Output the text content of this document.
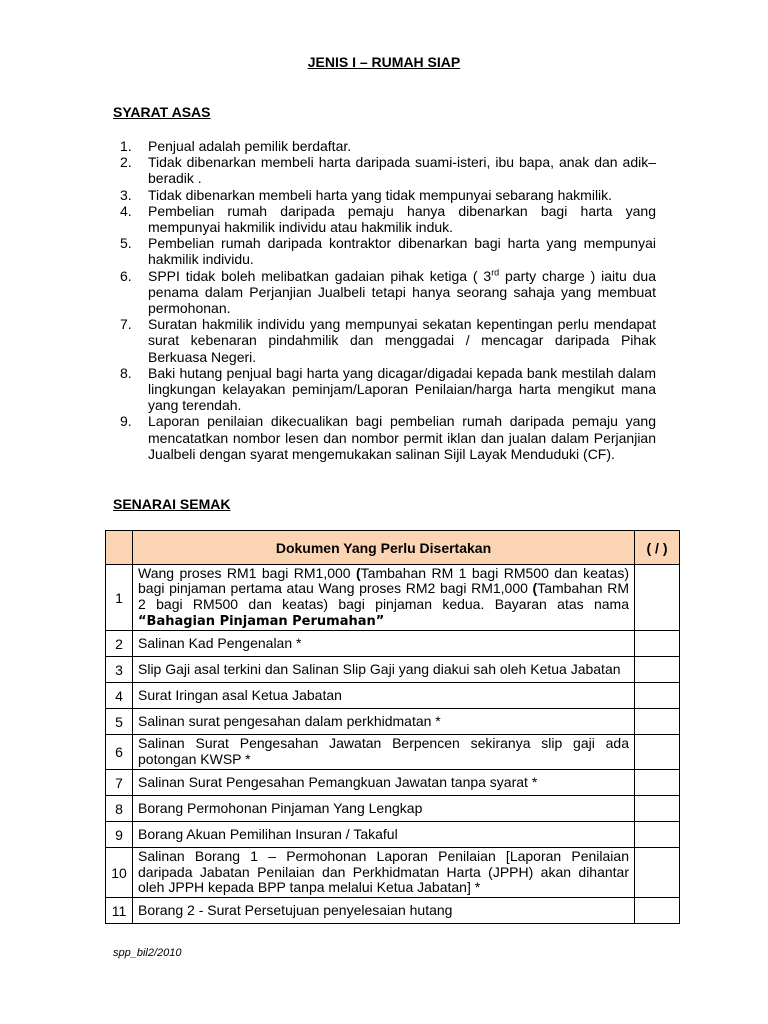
JENIS I – RUMAH SIAP
SYARAT ASAS
1. Penjual adalah pemilik berdaftar.
2. Tidak dibenarkan membeli harta daripada suami-isteri, ibu bapa, anak dan adik–beradik .
3. Tidak dibenarkan membeli harta yang tidak mempunyai sebarang hakmilik.
4. Pembelian rumah daripada pemaju hanya dibenarkan bagi harta yang mempunyai hakmilik individu atau hakmilik induk.
5. Pembelian rumah daripada kontraktor dibenarkan bagi harta yang mempunyai hakmilik individu.
6. SPPI tidak boleh melibatkan gadaian pihak ketiga ( 3rd party charge ) iaitu dua penama dalam Perjanjian Jualbeli tetapi hanya seorang sahaja yang membuat permohonan.
7. Suratan hakmilik individu yang mempunyai sekatan kepentingan perlu mendapat surat kebenaran pindahmilik dan menggadai / mencagar daripada Pihak Berkuasa Negeri.
8. Baki hutang penjual bagi harta yang dicagar/digadai kepada bank mestilah dalam lingkungan kelayakan peminjam/Laporan Penilaian/harga harta mengikut mana yang terendah.
9. Laporan penilaian dikecualikan bagi pembelian rumah daripada pemaju yang mencatatkan nombor lesen dan nombor permit iklan dan jualan dalam Perjanjian Jualbeli dengan syarat mengemukakan salinan Sijil Layak Menduduki (CF).
SENARAI SEMAK
	Dokumen Yang Perlu Disertakan	( / )
1	Wang proses RM1 bagi RM1,000 (Tambahan RM 1 bagi RM500 dan keatas) bagi pinjaman pertama atau Wang proses RM2 bagi RM1,000 (Tambahan RM 2 bagi RM500 dan keatas) bagi pinjaman kedua. Bayaran atas nama “Bahagian Pinjaman Perumahan”	
2	Salinan Kad Pengenalan *	
3	Slip Gaji asal terkini dan Salinan Slip Gaji yang diakui sah oleh Ketua Jabatan	
4	Surat Iringan asal Ketua Jabatan	
5	Salinan surat pengesahan dalam perkhidmatan *	
6	Salinan Surat Pengesahan Jawatan Berpencen sekiranya slip gaji ada potongan KWSP *	
7	Salinan Surat Pengesahan Pemangkuan Jawatan tanpa syarat *	
8	Borang Permohonan Pinjaman Yang Lengkap	
9	Borang Akuan Pemilihan Insuran / Takaful	
10	Salinan Borang 1 – Permohonan Laporan Penilaian [Laporan Penilaian daripada Jabatan Penilaian dan Perkhidmatan Harta (JPPH) akan dihantar oleh JPPH kepada BPP tanpa melalui Ketua Jabatan] *	
11	Borang 2 - Surat Persetujuan penyelesaian hutang	
spp_bil2/2010
